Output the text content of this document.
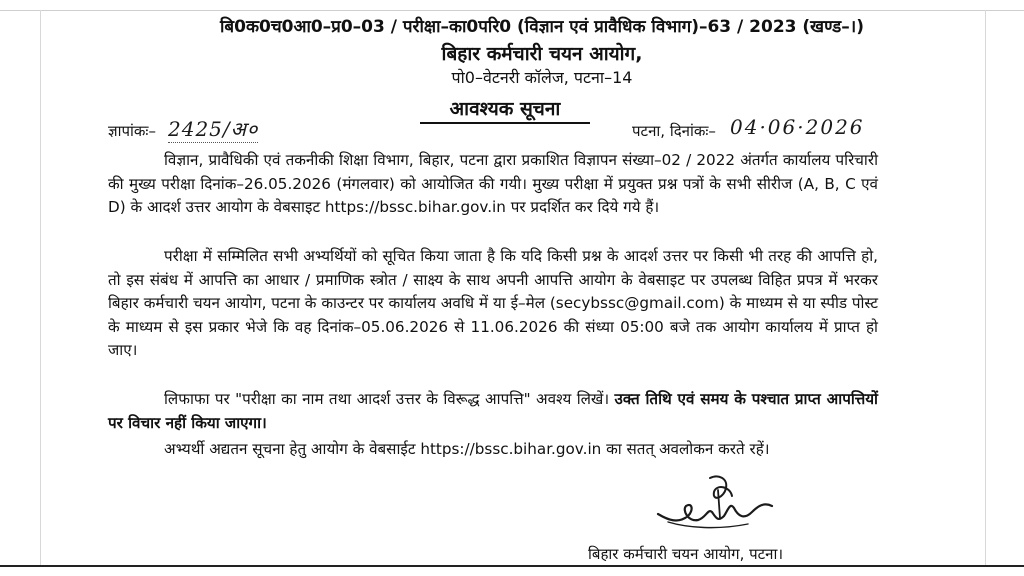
बि0क0च0आ0–प्र0–03 / परीक्षा–का0परि0 (विज्ञान एवं प्रावैधिक विभाग)–63 / 2023 (खण्ड–।)
बिहार कर्मचारी चयन आयोग,
पो0–वेटनरी कॉलेज, पटना–14
आवश्यक सूचना
ज्ञापांकः– 2425/अ०	पटना, दिनांकः– 04·06·2026

विज्ञान, प्रावैधिकी एवं तकनीकी शिक्षा विभाग, बिहार, पटना द्वारा प्रकाशित विज्ञापन संख्या–02 / 2022 अंतर्गत कार्यालय परिचारी की मुख्य परीक्षा दिनांक–26.05.2026 (मंगलवार) को आयोजित की गयी। मुख्य परीक्षा में प्रयुक्त प्रश्न पत्रों के सभी सीरीज (A, B, C एवं D) के आदर्श उत्तर आयोग के वेबसाइट https://bssc.bihar.gov.in पर प्रदर्शित कर दिये गये हैं।

परीक्षा में सम्मिलित सभी अभ्यर्थियों को सूचित किया जाता है कि यदि किसी प्रश्न के आदर्श उत्तर पर किसी भी तरह की आपत्ति हो, तो इस संबंध में आपत्ति का आधार / प्रमाणिक स्त्रोत / साक्ष्य के साथ अपनी आपत्ति आयोग के वेबसाइट पर उपलब्ध विहित प्रपत्र में भरकर बिहार कर्मचारी चयन आयोग, पटना के काउन्टर पर कार्यालय अवधि में या ई–मेल (secybssc@gmail.com) के माध्यम से या स्पीड पोस्ट के माध्यम से इस प्रकार भेजे कि वह दिनांक–05.06.2026 से 11.06.2026 की संध्या 05:00 बजे तक आयोग कार्यालय में प्राप्त हो जाए।

लिफाफा पर "परीक्षा का नाम तथा आदर्श उत्तर के विरूद्ध आपत्ति" अवश्य लिखें। उक्त तिथि एवं समय के पश्चात प्राप्त आपत्तियों पर विचार नहीं किया जाएगा।

अभ्यर्थी अद्यतन सूचना हेतु आयोग के वेबसाईट https://bssc.bihar.gov.in का सतत् अवलोकन करते रहें।

बिहार कर्मचारी चयन आयोग, पटना।
